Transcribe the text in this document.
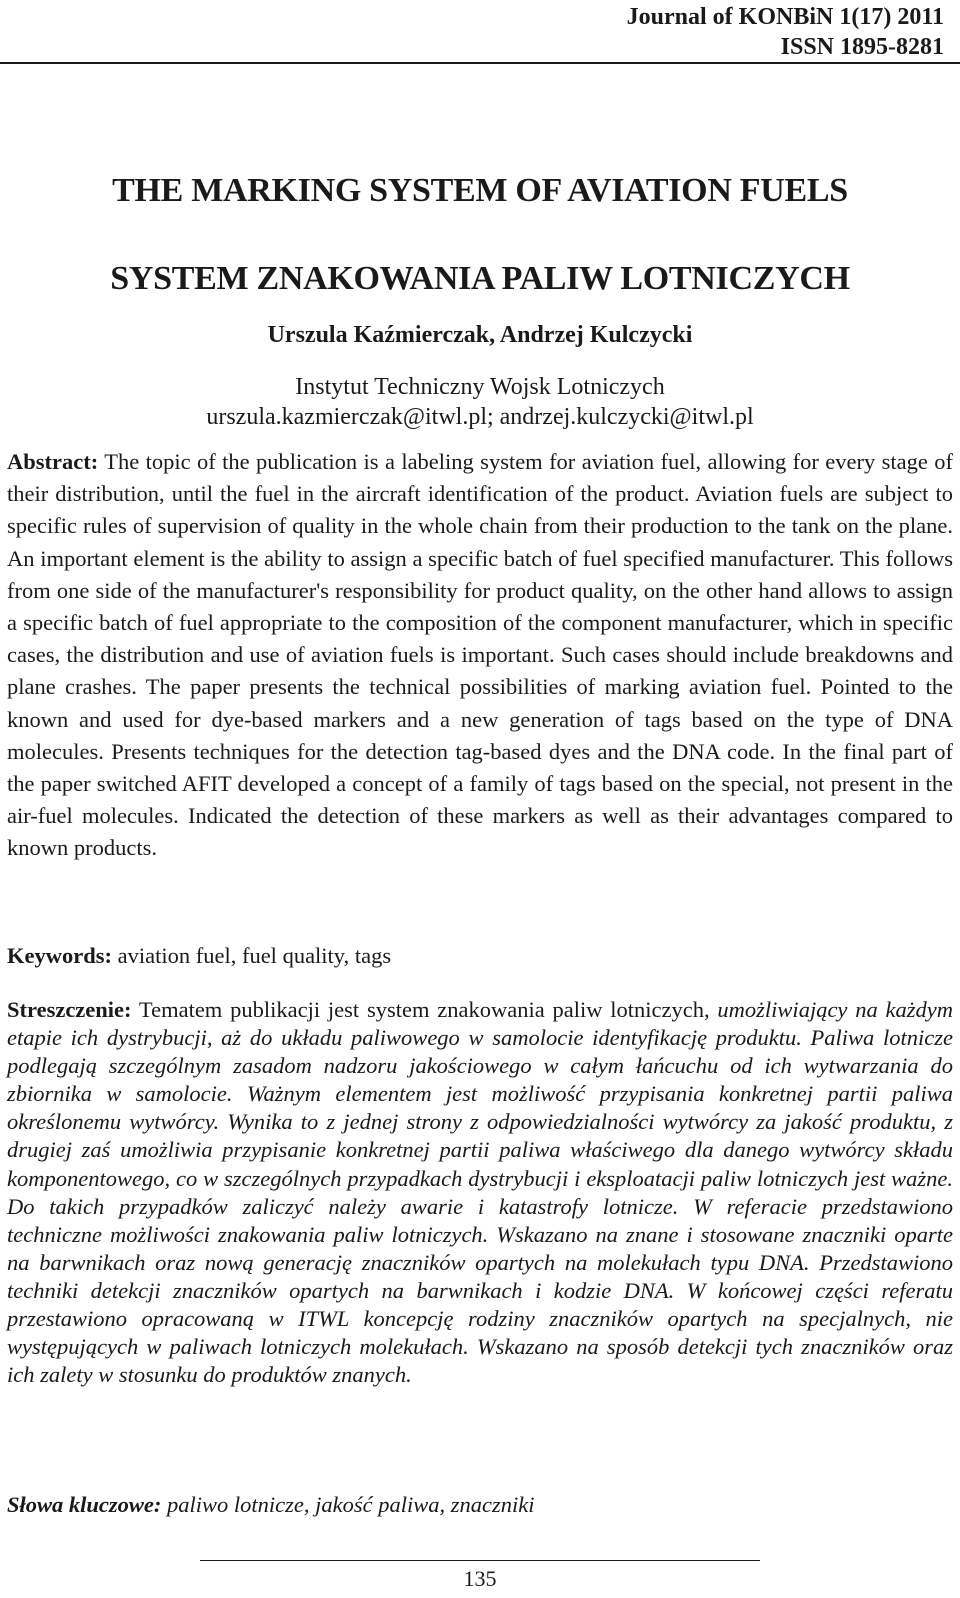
Journal of KONBiN 1(17) 2011
ISSN 1895-8281
THE MARKING SYSTEM OF AVIATION FUELS
SYSTEM ZNAKOWANIA PALIW LOTNICZYCH
Urszula Kaźmierczak, Andrzej Kulczycki
Instytut Techniczny Wojsk Lotniczych
urszula.kazmierczak@itwl.pl; andrzej.kulczycki@itwl.pl

Abstract: The topic of the publication is a labeling system for aviation fuel, allowing for every stage of their distribution, until the fuel in the aircraft identification of the product. Aviation fuels are subject to specific rules of supervision of quality in the whole chain from their production to the tank on the plane. An important element is the ability to assign a specific batch of fuel specified manufacturer. This follows from one side of the manufacturer's responsibility for product quality, on the other hand allows to assign a specific batch of fuel appropriate to the composition of the component manufacturer, which in specific cases, the distribution and use of aviation fuels is important. Such cases should include breakdowns and plane crashes. The paper presents the technical possibilities of marking aviation fuel. Pointed to the known and used for dye-based markers and a new generation of tags based on the type of DNA molecules. Presents techniques for the detection tag-based dyes and the DNA code. In the final part of the paper switched AFIT developed a concept of a family of tags based on the special, not present in the air-fuel molecules. Indicated the detection of these markers as well as their advantages compared to known products.

Keywords: aviation fuel, fuel quality, tags

Streszczenie: Tematem publikacji jest system znakowania paliw lotniczych, umożliwiający na każdym etapie ich dystrybucji, aż do układu paliwowego w samolocie identyfikację produktu. Paliwa lotnicze podlegają szczególnym zasadom nadzoru jakościowego w całym łańcuchu od ich wytwarzania do zbiornika w samolocie. Ważnym elementem jest możliwość przypisania konkretnej partii paliwa określonemu wytwórcy. Wynika to z jednej strony z odpowiedzialności wytwórcy za jakość produktu, z drugiej zaś umożliwia przypisanie konkretnej partii paliwa właściwego dla danego wytwórcy składu komponentowego, co w szczególnych przypadkach dystrybucji i eksploatacji paliw lotniczych jest ważne. Do takich przypadków zaliczyć należy awarie i katastrofy lotnicze. W referacie przedstawiono techniczne możliwości znakowania paliw lotniczych. Wskazano na znane i stosowane znaczniki oparte na barwnikach oraz nową generację znaczników opartych na molekułach typu DNA. Przedstawiono techniki detekcji znaczników opartych na barwnikach i kodzie DNA. W końcowej części referatu przestawiono opracowaną w ITWL koncepcję rodziny znaczników opartych na specjalnych, nie występujących w paliwach lotniczych molekułach. Wskazano na sposób detekcji tych znaczników oraz ich zalety w stosunku do produktów znanych.

Słowa kluczowe: paliwo lotnicze, jakość paliwa, znaczniki

135
